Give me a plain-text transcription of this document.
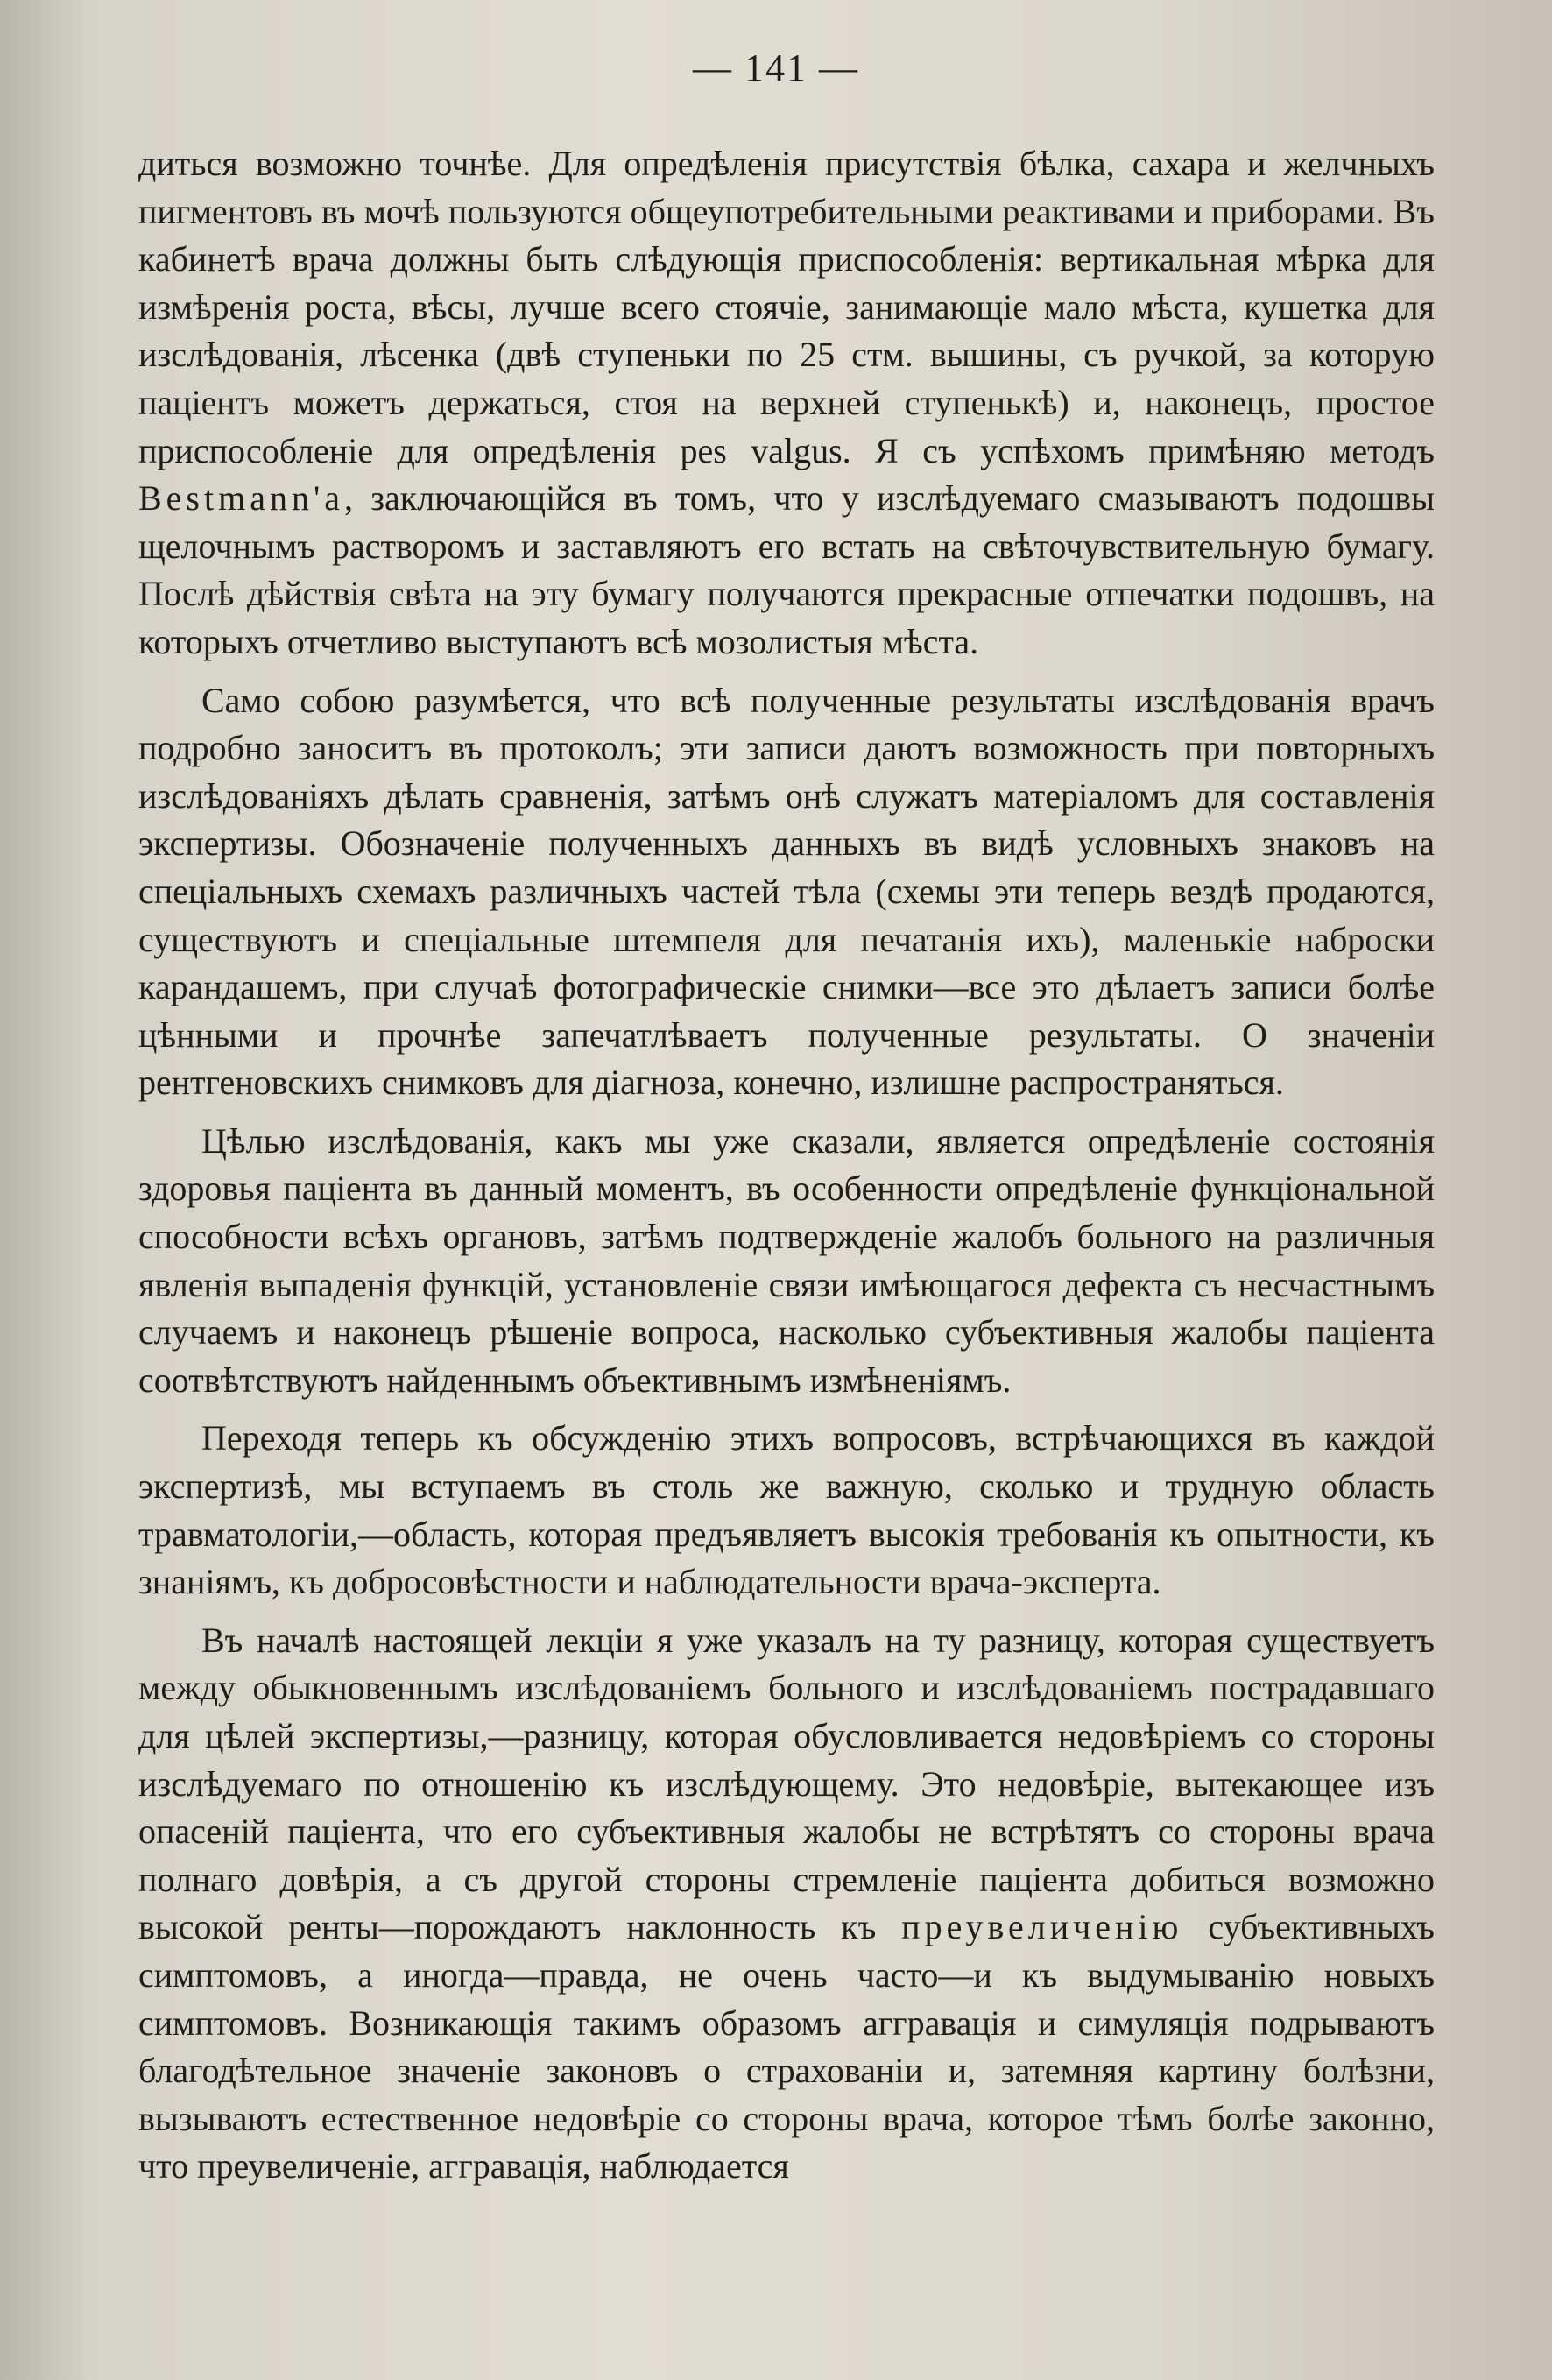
— 141 —

диться возможно точнѣе. Для опредѣленія присутствія бѣлка, сахара и желчныхъ пигментовъ въ мочѣ пользуются общеупотребительными реактивами и приборами. Въ кабинетѣ врача должны быть слѣдующія приспособленія: вертикальная мѣрка для измѣренія роста, вѣсы, лучше всего стоячіе, занимающіе мало мѣста, кушетка для изслѣдованія, лѣсенка (двѣ ступеньки по 25 стм. вышины, съ ручкой, за которую паціентъ можетъ держаться, стоя на верхней ступенькѣ) и, наконецъ, простое приспособленіе для опредѣленія pes valgus. Я съ успѣхомъ примѣняю методъ Bestmann'а, заключающійся въ томъ, что у изслѣдуемаго смазываютъ подошвы щелочнымъ растворомъ и заставляютъ его встать на свѣточувствительную бумагу. Послѣ дѣйствія свѣта на эту бумагу получаются прекрасные отпечатки подошвъ, на которыхъ отчетливо выступаютъ всѣ мозолистыя мѣста.

Само собою разумѣется, что всѣ полученные результаты изслѣдованія врачъ подробно заноситъ въ протоколъ; эти записи даютъ возможность при повторныхъ изслѣдованіяхъ дѣлать сравненія, затѣмъ онѣ служатъ матеріаломъ для составленія экспертизы. Обозначеніе полученныхъ данныхъ въ видѣ условныхъ знаковъ на спеціальныхъ схемахъ различныхъ частей тѣла (схемы эти теперь вездѣ продаются, существуютъ и спеціальные штемпеля для печатанія ихъ), маленькіе наброски карандашемъ, при случаѣ фотографическіе снимки—все это дѣлаетъ записи болѣе цѣнными и прочнѣе запечатлѣваетъ полученные результаты. О значеніи рентгеновскихъ снимковъ для діагноза, конечно, излишне распространяться.

Цѣлью изслѣдованія, какъ мы уже сказали, является опредѣленіе состоянія здоровья паціента въ данный моментъ, въ особенности опредѣленіе функціональной способности всѣхъ органовъ, затѣмъ подтвержденіе жалобъ больного на различныя явленія выпаденія функцій, установленіе связи имѣющагося дефекта съ несчастнымъ случаемъ и наконецъ рѣшеніе вопроса, насколько субъективныя жалобы паціента соотвѣтствуютъ найденнымъ объективнымъ измѣненіямъ.

Переходя теперь къ обсужденію этихъ вопросовъ, встрѣчающихся въ каждой экспертизѣ, мы вступаемъ въ столь же важную, сколько и трудную область травматологіи,—область, которая предъявляетъ высокія требованія къ опытности, къ знаніямъ, къ добросовѣстности и наблюдательности врача-эксперта.

Въ началѣ настоящей лекціи я уже указалъ на ту разницу, которая существуетъ между обыкновеннымъ изслѣдованіемъ больного и изслѣдованіемъ пострадавшаго для цѣлей экспертизы,—разницу, которая обусловливается недовѣріемъ со стороны изслѣдуемаго по отношенію къ изслѣдующему. Это недовѣріе, вытекающее изъ опасеній паціента, что его субъективныя жалобы не встрѣтятъ со стороны врача полнаго довѣрія, а съ другой стороны стремленіе паціента добиться возможно высокой ренты—порождаютъ наклонность къ преувеличенію субъективныхъ симптомовъ, а иногда—правда, не очень часто—и къ выдумыванію новыхъ симптомовъ. Возникающія такимъ образомъ аггравація и симуляція подрываютъ благодѣтельное значеніе законовъ о страхованіи и, затемняя картину болѣзни, вызываютъ естественное недовѣріе со стороны врача, которое тѣмъ болѣе законно, что преувеличеніе, аггравація, наблюдается
